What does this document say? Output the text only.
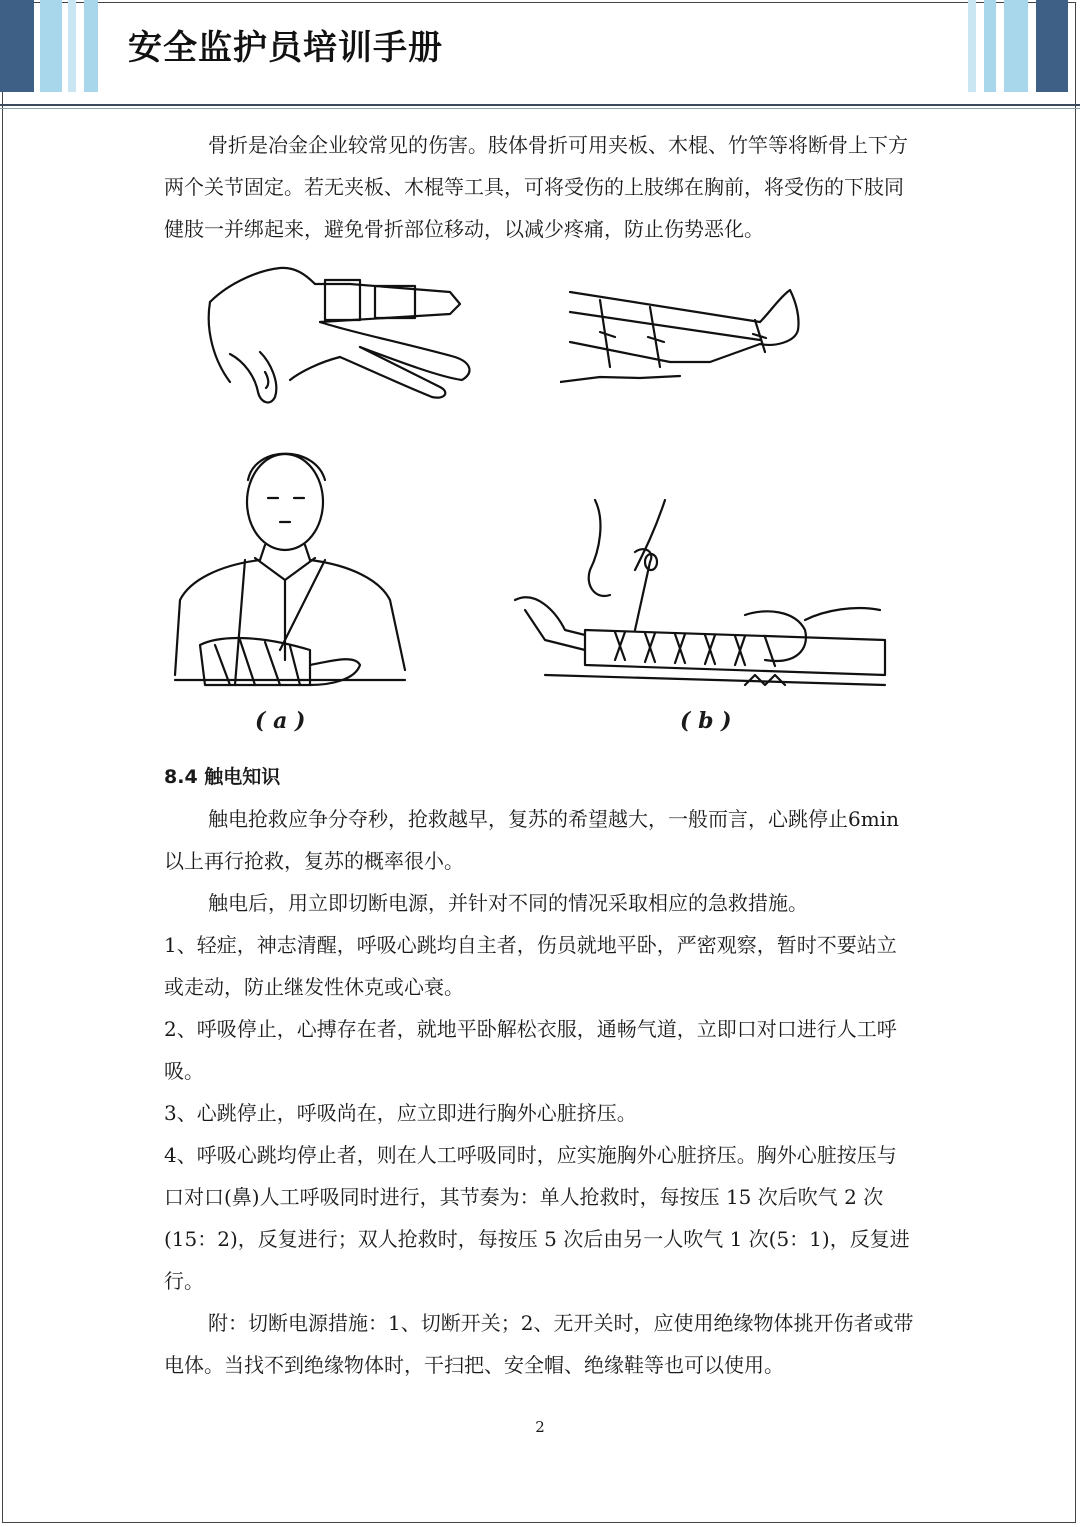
安全监护员培训手册

骨折是冶金企业较常见的伤害。肢体骨折可用夹板、木棍、竹竿等将断骨上下方两个关节固定。若无夹板、木棍等工具，可将受伤的上肢绑在胸前，将受伤的下肢同健肢一并绑起来，避免骨折部位移动，以减少疼痛，防止伤势恶化。

( a )	( b )

8.4 触电知识

触电抢救应争分夺秒，抢救越早，复苏的希望越大，一般而言，心跳停止6min 以上再行抢救，复苏的概率很小。

触电后，用立即切断电源，并针对不同的情况采取相应的急救措施。

1、轻症，神志清醒，呼吸心跳均自主者，伤员就地平卧，严密观察，暂时不要站立或走动，防止继发性休克或心衰。

2、呼吸停止，心搏存在者，就地平卧解松衣服，通畅气道，立即口对口进行人工呼吸。

3、心跳停止，呼吸尚在，应立即进行胸外心脏挤压。

4、呼吸心跳均停止者，则在人工呼吸同时，应实施胸外心脏挤压。胸外心脏按压与口对口(鼻)人工呼吸同时进行，其节奏为：单人抢救时，每按压 15 次后吹气 2 次(15：2)，反复进行；双人抢救时，每按压 5 次后由另一人吹气 1 次(5：1)，反复进行。

附：切断电源措施：1、切断开关；2、无开关时，应使用绝缘物体挑开伤者或带电体。当找不到绝缘物体时，干扫把、安全帽、绝缘鞋等也可以使用。

2
